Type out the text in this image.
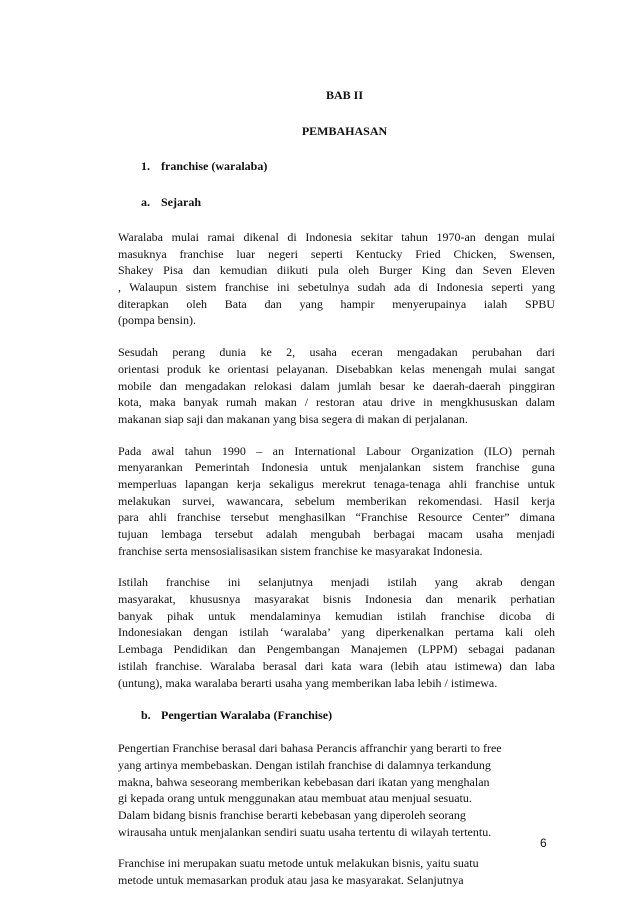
BAB II
PEMBAHASAN
1. franchise (waralaba)
a. Sejarah
Waralaba mulai ramai dikenal di Indonesia sekitar tahun 1970-an dengan mulai
masuknya franchise luar negeri seperti Kentucky Fried Chicken, Swensen,
Shakey Pisa dan kemudian diikuti pula oleh Burger King dan Seven Eleven
, Walaupun sistem franchise ini sebetulnya sudah ada di Indonesia seperti yang
diterapkan oleh Bata dan yang hampir menyerupainya ialah SPBU
(pompa bensin).
Sesudah perang dunia ke 2, usaha eceran mengadakan perubahan dari
orientasi produk ke orientasi pelayanan. Disebabkan kelas menengah mulai sangat
mobile dan mengadakan relokasi dalam jumlah besar ke daerah-daerah pinggiran
kota, maka banyak rumah makan / restoran atau drive in mengkhususkan dalam
makanan siap saji dan makanan yang bisa segera di makan di perjalanan.
Pada awal tahun 1990 – an International Labour Organization (ILO) pernah
menyarankan Pemerintah Indonesia untuk menjalankan sistem franchise guna
memperluas lapangan kerja sekaligus merekrut tenaga-tenaga ahli franchise untuk
melakukan survei, wawancara, sebelum memberikan rekomendasi. Hasil kerja
para ahli franchise tersebut menghasilkan “Franchise Resource Center” dimana
tujuan lembaga tersebut adalah mengubah berbagai macam usaha menjadi
franchise serta mensosialisasikan sistem franchise ke masyarakat Indonesia.
Istilah franchise ini selanjutnya menjadi istilah yang akrab dengan
masyarakat, khususnya masyarakat bisnis Indonesia dan menarik perhatian
banyak pihak untuk mendalaminya kemudian istilah franchise dicoba di
Indonesiakan dengan istilah ‘waralaba’ yang diperkenalkan pertama kali oleh
Lembaga Pendidikan dan Pengembangan Manajemen (LPPM) sebagai padanan
istilah franchise. Waralaba berasal dari kata wara (lebih atau istimewa) dan laba
(untung), maka waralaba berarti usaha yang memberikan laba lebih / istimewa.
b. Pengertian Waralaba (Franchise)
Pengertian Franchise berasal dari bahasa Perancis affranchir yang berarti to free
yang artinya membebaskan. Dengan istilah franchise di dalamnya terkandung
makna, bahwa seseorang memberikan kebebasan dari ikatan yang menghalan
gi kepada orang untuk menggunakan atau membuat atau menjual sesuatu.
Dalam bidang bisnis franchise berarti kebebasan yang diperoleh seorang
wirausaha untuk menjalankan sendiri suatu usaha tertentu di wilayah tertentu.
Franchise ini merupakan suatu metode untuk melakukan bisnis, yaitu suatu
metode untuk memasarkan produk atau jasa ke masyarakat. Selanjutnya
6
